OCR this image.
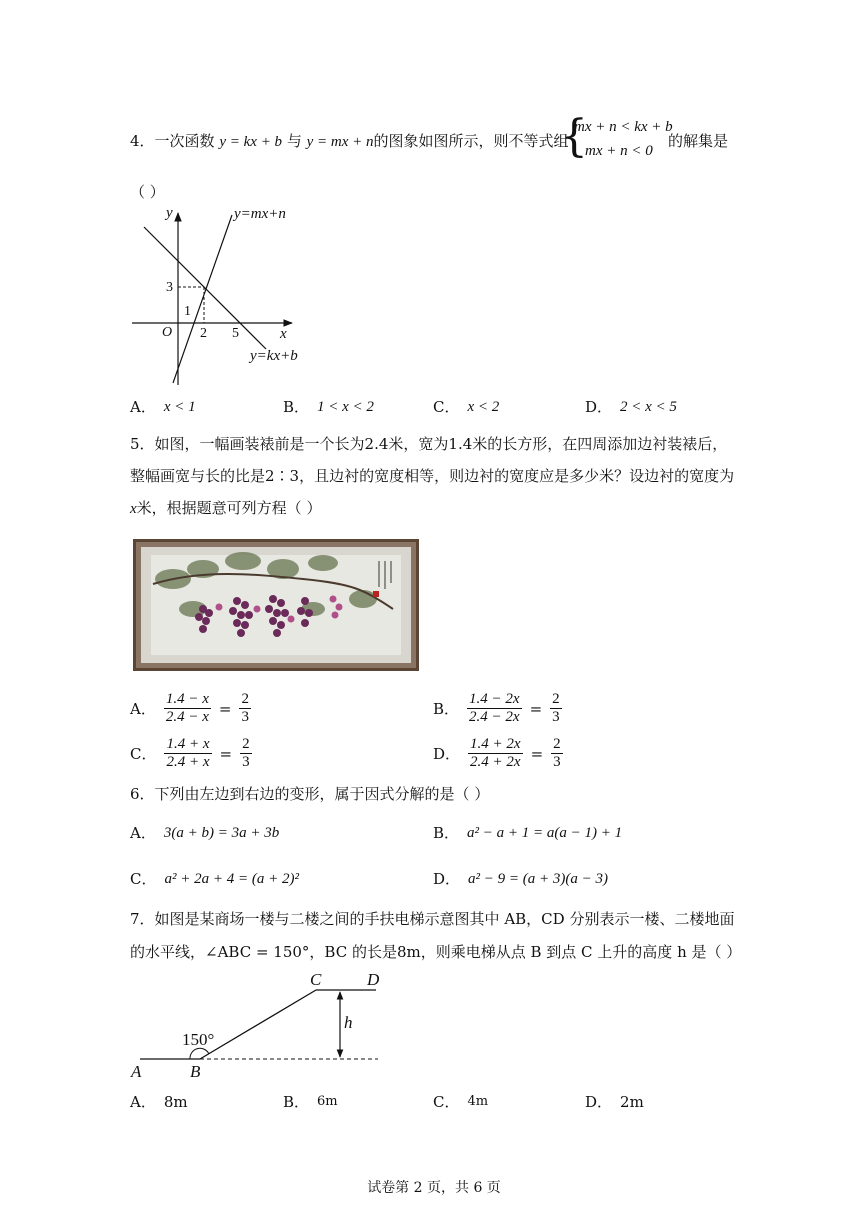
4．一次函数 y = kx + b 与 y = mx + n的图象如图所示，则不等式组
{
mx + n < kx + b
mx + n < 0
的解集是
（ ）
y	y=mx+n
3
1
O 2 5	x
y=kx+b
A． x < 1	B． 1 < x < 2	C． x < 2	D． 2 < x < 5
5．如图，一幅画装裱前是一个长为2.4米，宽为1.4米的长方形，在四周添加边衬装裱后，
整幅画宽与长的比是2∶3，且边衬的宽度相等，则边衬的宽度应是多少米？设边衬的宽度为
x米，根据题意可列方程（ ）
A． $\frac{1.4 - x}{2.4 - x} = \frac{2}{3}$	B． $\frac{1.4 - 2x}{2.4 - 2x} = \frac{2}{3}$
C． $\frac{1.4 + x}{2.4 + x} = \frac{2}{3}$	D． $\frac{1.4 + 2x}{2.4 + 2x} = \frac{2}{3}$
6．下列由左边到右边的变形，属于因式分解的是（ ）
A． 3(a + b) = 3a + 3b	B． a² − a + 1 = a(a − 1) + 1
C． a² + 2a + 4 = (a + 2)²	D． a² − 9 = (a + 3)(a − 3)
7．如图是某商场一楼与二楼之间的手扶电梯示意图其中 AB，CD 分别表示一楼、二楼地面
的水平线，∠ABC = 150°，BC 的长是8m，则乘电梯从点 B 到点 C 上升的高度 h 是（ ）
C	D
h
150°
A	B
A． 8m	B． 6m	C． 4m	D． 2m
试卷第 2 页，共 6 页
